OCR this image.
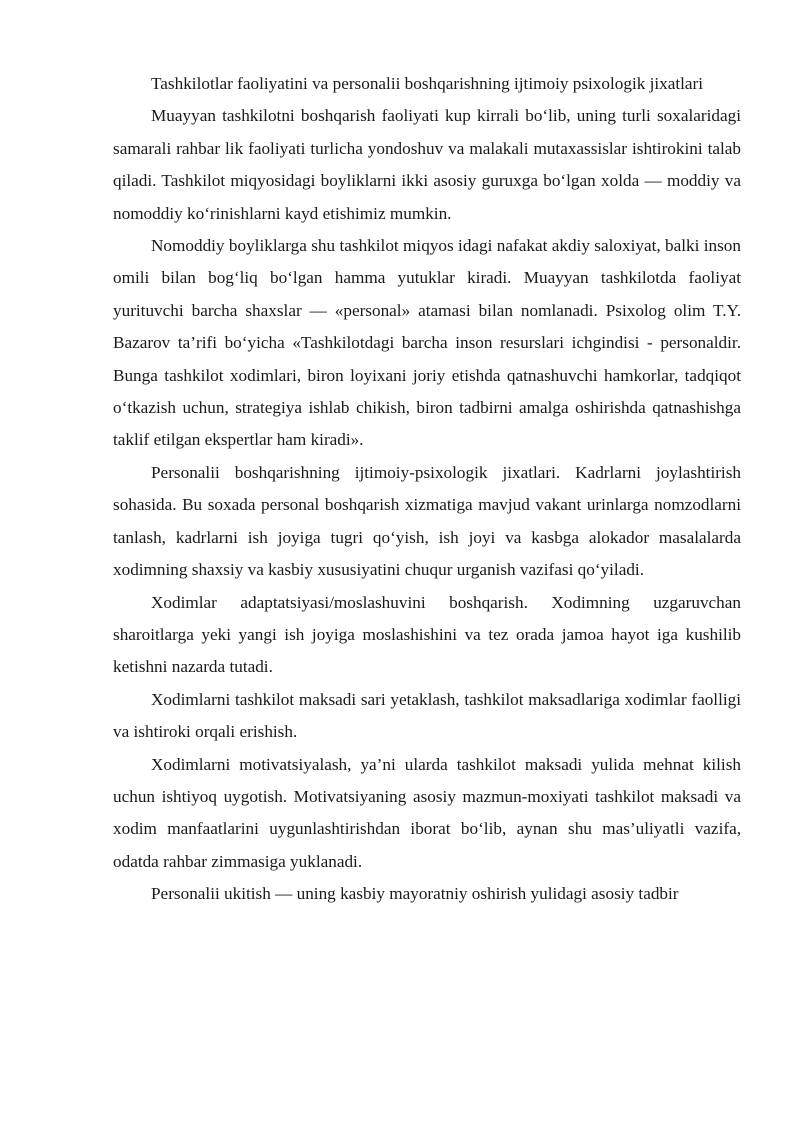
Tashkilotlar faoliyatini va personalii boshqarishning ijtimoiy psixologik jixatlari

Muayyan tashkilotni boshqarish faoliyati kup kirrali bo‘lib, uning turli soxalaridagi samarali rahbar lik faoliyati turlicha yondoshuv va malakali mutaxassislar ishtirokini talab qiladi. Tashkilot miqyosidagi boyliklarni ikki asosiy guruxga bo‘lgan xolda — moddiy va nomoddiy ko‘rinishlarni kayd etishimiz mumkin.

Nomoddiy boyliklarga shu tashkilot miqyos idagi nafakat akdiy saloxiyat, balki inson omili bilan bog‘liq bo‘lgan hamma yutuklar kiradi. Muayyan tashkilotda faoliyat yurituvchi barcha shaxslar — «personal» atamasi bilan nomlanadi. Psixolog olim T.Y. Bazarov ta’rifi bo‘yicha «Tashkilotdagi barcha inson resurslari ichgindisi - personaldir. Bunga tashkilot xodimlari, biron loyixani joriy etishda qatnashuvchi hamkorlar, tadqiqot o‘tkazish uchun, strategiya ishlab chikish, biron tadbirni amalga oshirishda qatnashishga taklif etilgan ekspertlar ham kiradi».

Personalii boshqarishning ijtimoiy-psixologik jixatlari. Kadrlarni joylashtirish sohasida. Bu soxada personal boshqarish xizmatiga mavjud vakant urinlarga nomzodlarni tanlash, kadrlarni ish joyiga tugri qo‘yish, ish joyi va kasbga alokador masalalarda xodimning shaxsiy va kasbiy xususiyatini chuqur urganish vazifasi qo‘yiladi.

Xodimlar adaptatsiyasi/moslashuvini boshqarish. Xodimning uzgaruvchan sharoitlarga yeki yangi ish joyiga moslashishini va tez orada jamoa hayot iga kushilib ketishni nazarda tutadi.

Xodimlarni tashkilot maksadi sari yetaklash, tashkilot maksadlariga xodimlar faolligi va ishtiroki orqali erishish.

Xodimlarni motivatsiyalash, ya’ni ularda tashkilot maksadi yulida mehnat kilish uchun ishtiyoq uygotish. Motivatsiyaning asosiy mazmun-moxiyati tashkilot maksadi va xodim manfaatlarini uygunlashtirishdan iborat bo‘lib, aynan shu mas’uliyatli vazifa, odatda rahbar zimmasiga yuklanadi.

Personalii ukitish — uning kasbiy mayoratniy oshirish yulidagi asosiy tadbir
